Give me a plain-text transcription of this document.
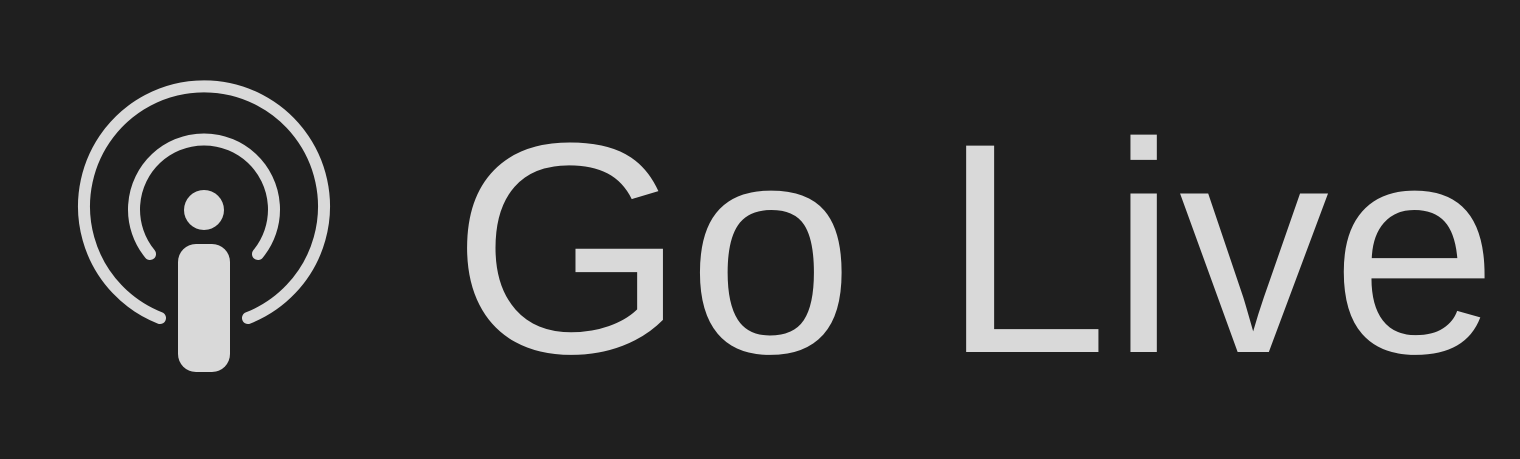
Go Live
